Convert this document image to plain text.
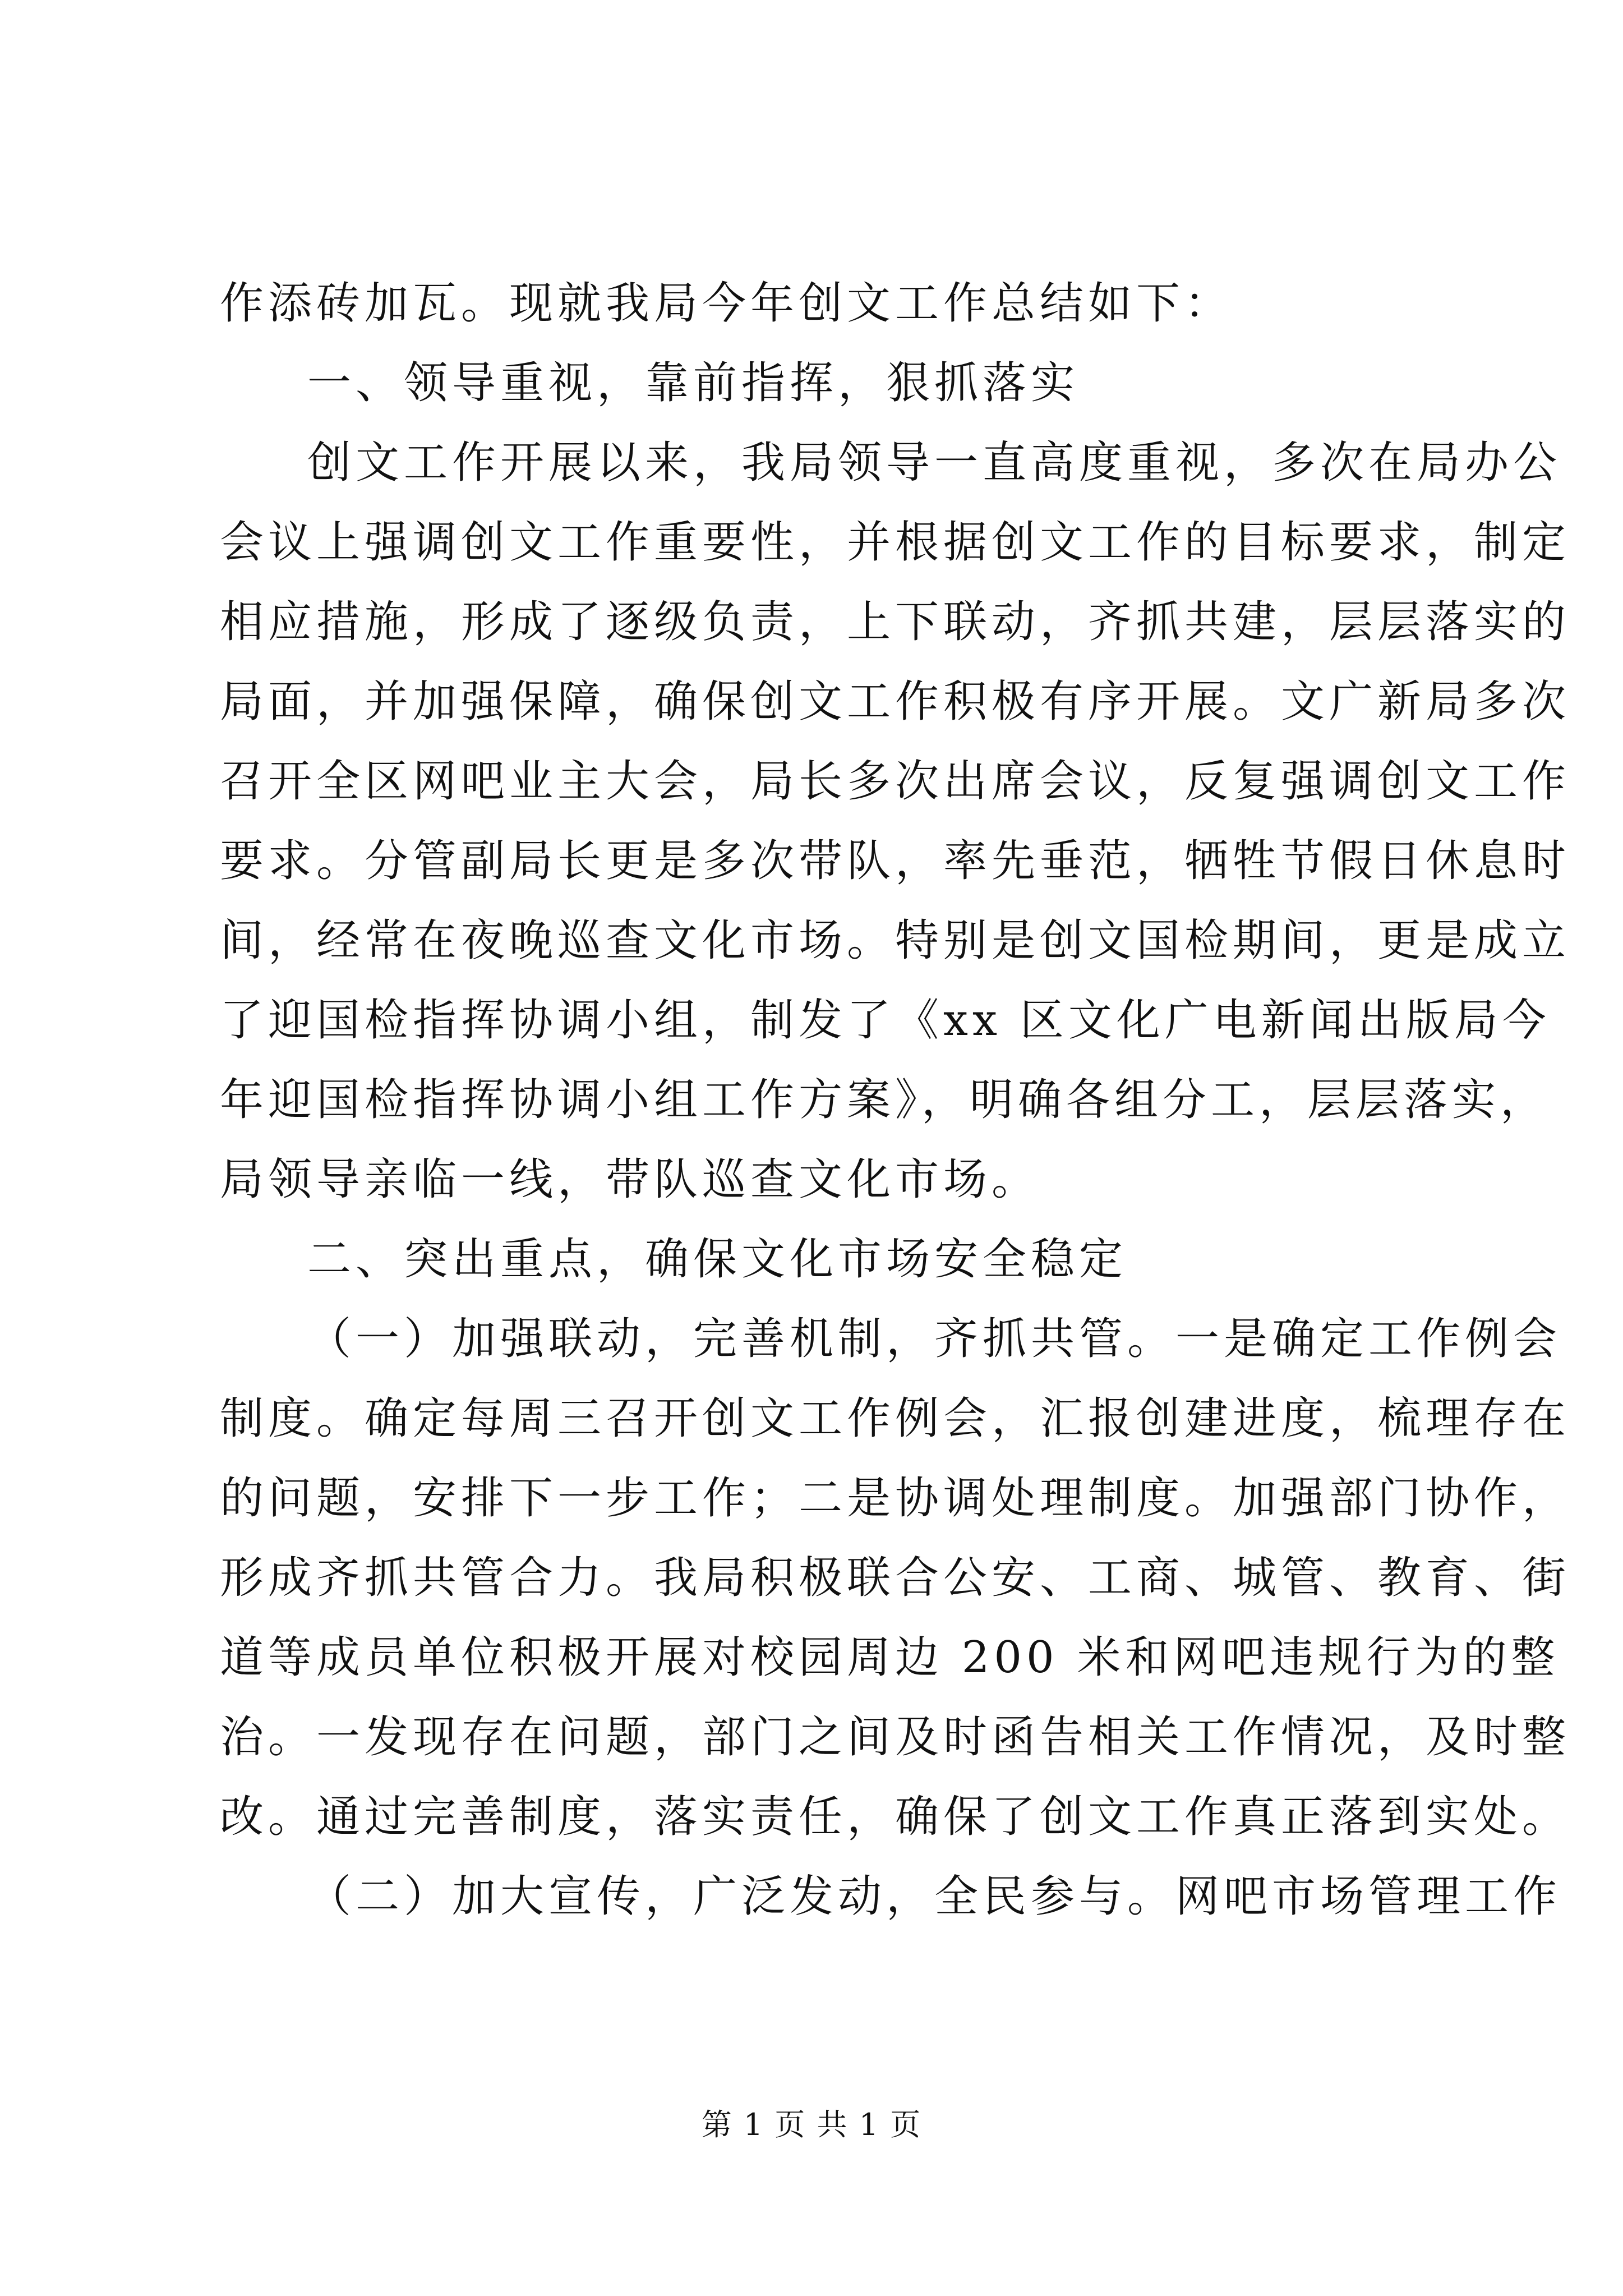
作添砖加瓦。现就我局今年创文工作总结如下：
一、领导重视，靠前指挥，狠抓落实
创文工作开展以来，我局领导一直高度重视，多次在局办公
会议上强调创文工作重要性，并根据创文工作的目标要求，制定
相应措施，形成了逐级负责，上下联动，齐抓共建，层层落实的
局面，并加强保障，确保创文工作积极有序开展。文广新局多次
召开全区网吧业主大会，局长多次出席会议，反复强调创文工作
要求。分管副局长更是多次带队，率先垂范，牺牲节假日休息时
间，经常在夜晚巡查文化市场。特别是创文国检期间，更是成立
了迎国检指挥协调小组，制发了《xx 区文化广电新闻出版局今
年迎国检指挥协调小组工作方案》，明确各组分工，层层落实，
局领导亲临一线，带队巡查文化市场。
二、突出重点，确保文化市场安全稳定
（一）加强联动，完善机制，齐抓共管。一是确定工作例会
制度。确定每周三召开创文工作例会，汇报创建进度，梳理存在
的问题，安排下一步工作；二是协调处理制度。加强部门协作，
形成齐抓共管合力。我局积极联合公安、工商、城管、教育、街
道等成员单位积极开展对校园周边 200 米和网吧违规行为的整
治。一发现存在问题，部门之间及时函告相关工作情况，及时整
改。通过完善制度，落实责任，确保了创文工作真正落到实处。
（二）加大宣传，广泛发动，全民参与。网吧市场管理工作
第 1 页 共 1 页
